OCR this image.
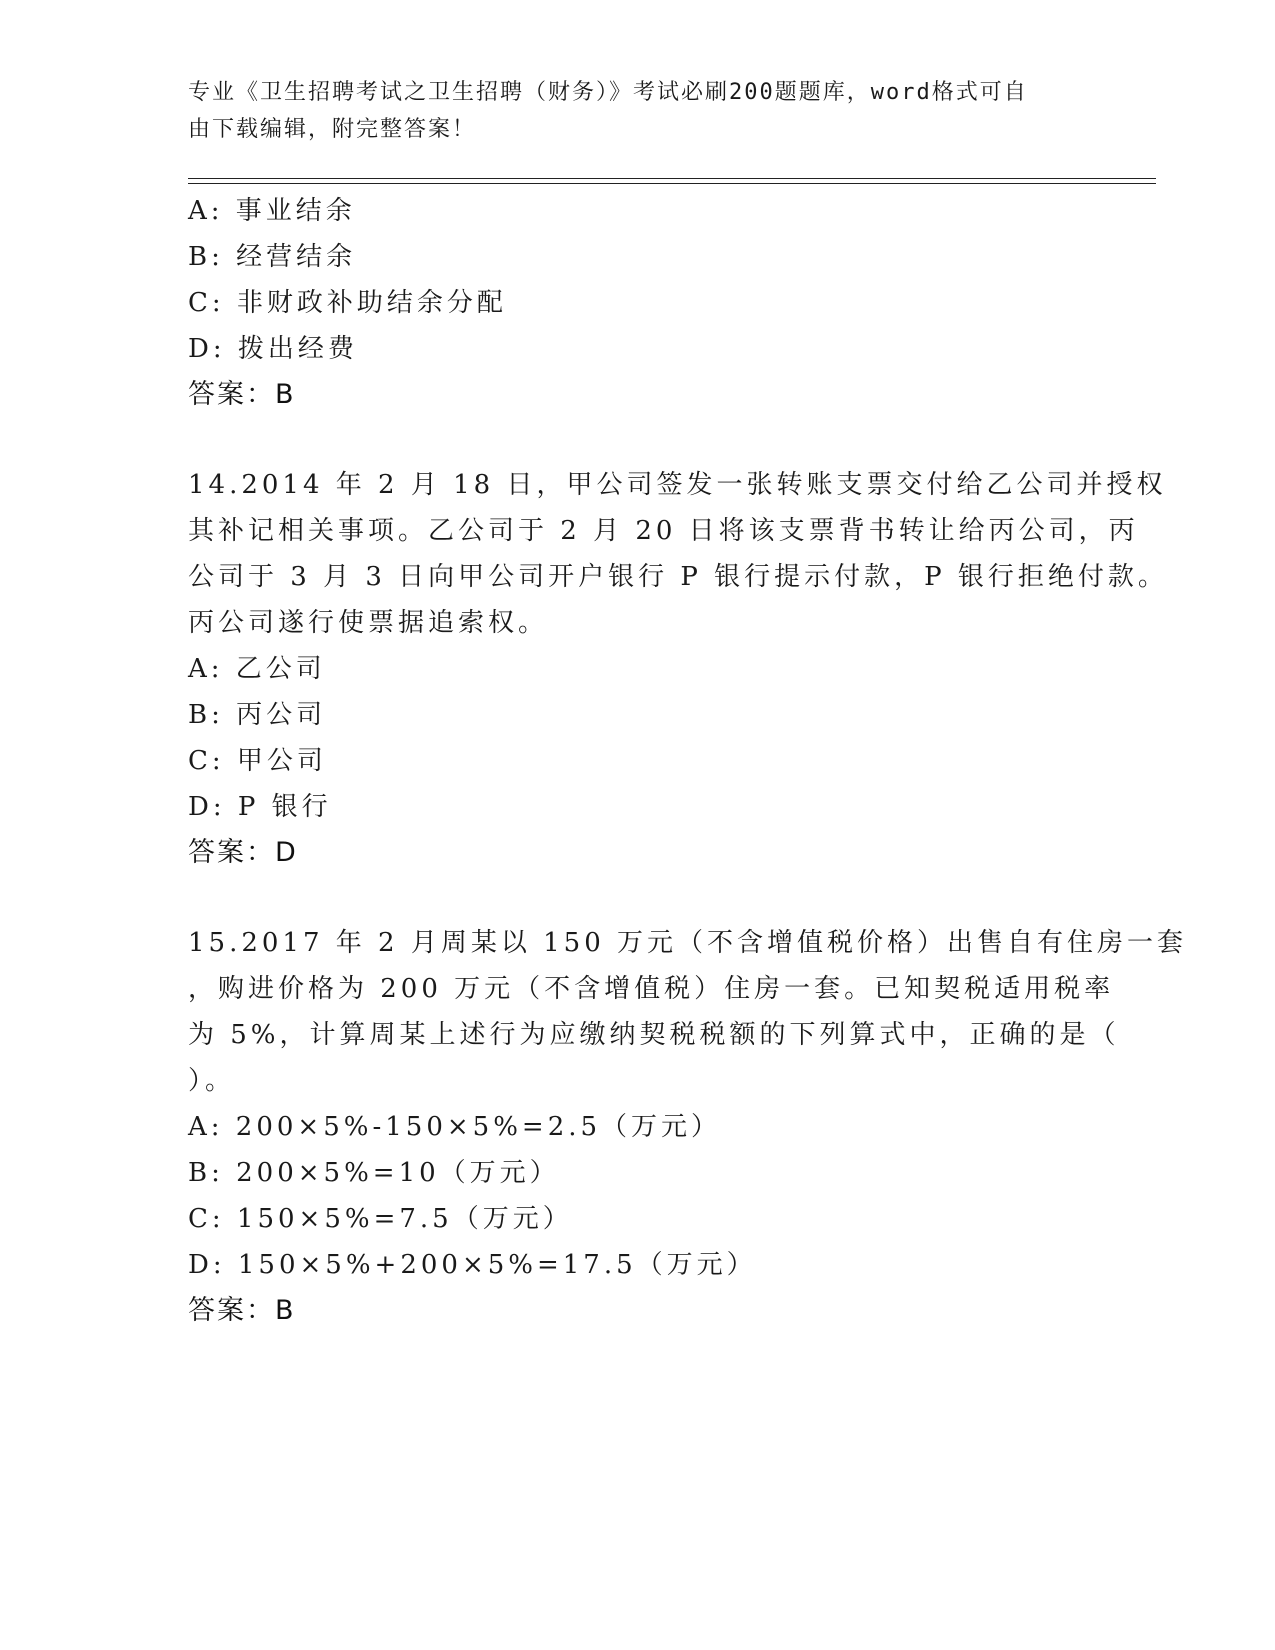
专业《卫生招聘考试之卫生招聘（财务）》考试必刷200题题库，word格式可自
由下载编辑，附完整答案！
A: 事业结余
B: 经营结余
C: 非财政补助结余分配
D: 拨出经费
答案：B
14.2014 年 2 月 18 日，甲公司签发一张转账支票交付给乙公司并授权
其补记相关事项。乙公司于 2 月 20 日将该支票背书转让给丙公司，丙
公司于 3 月 3 日向甲公司开户银行 P 银行提示付款，P 银行拒绝付款。
丙公司遂行使票据追索权。
A: 乙公司
B: 丙公司
C: 甲公司
D: P 银行
答案：D
15.2017 年 2 月周某以 150 万元（不含增值税价格）出售自有住房一套
，购进价格为 200 万元（不含增值税）住房一套。已知契税适用税率
为 5%，计算周某上述行为应缴纳契税税额的下列算式中，正确的是（
）。
A: 200×5%-150×5%=2.5（万元）
B: 200×5%=10（万元）
C: 150×5%=7.5（万元）
D: 150×5%+200×5%=17.5（万元）
答案：B
